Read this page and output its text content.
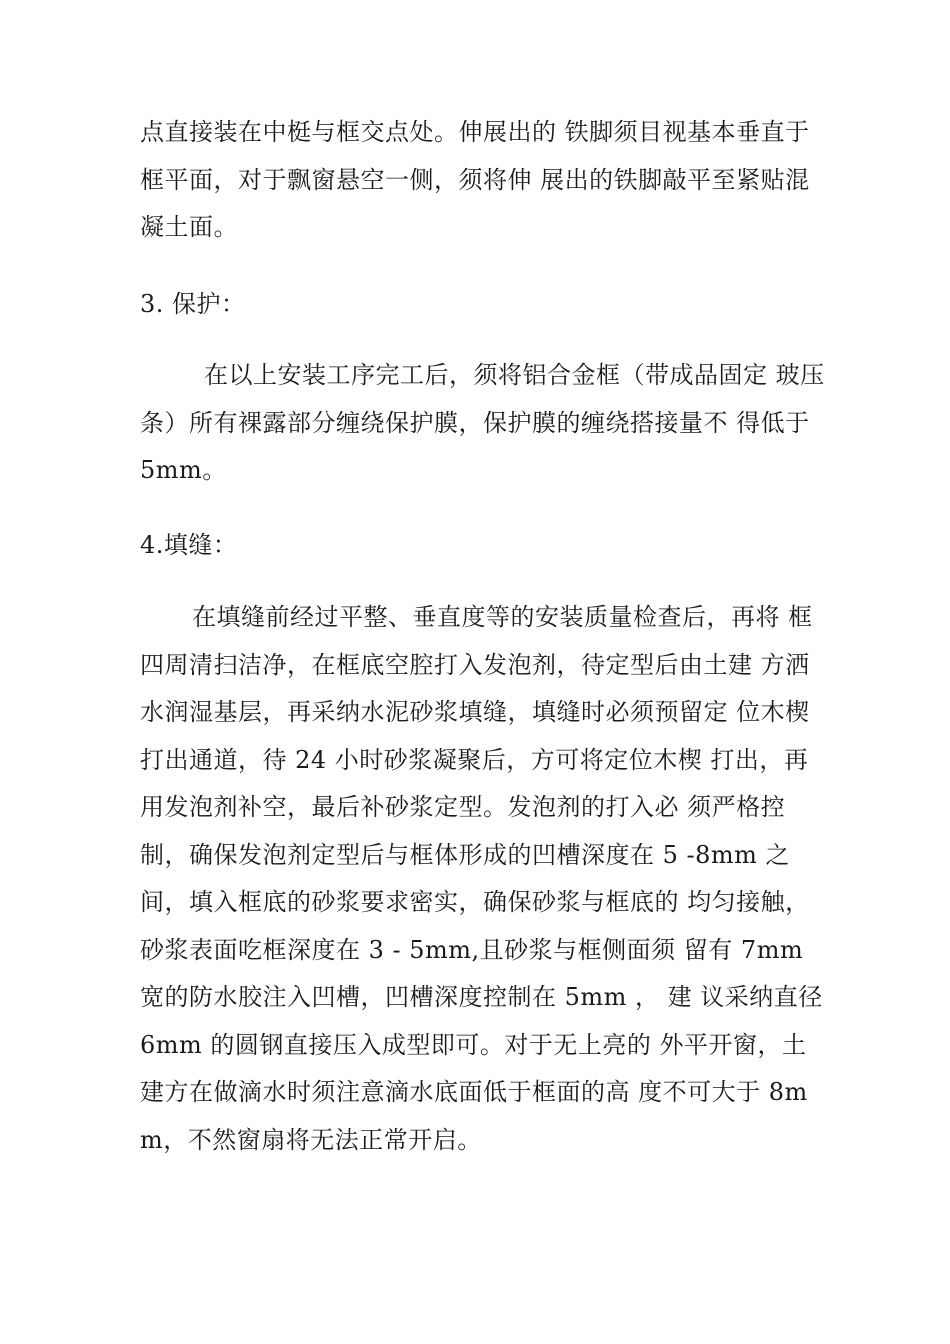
点直接装在中梃与框交点处。伸展出的 铁脚须目视基本垂直于框平面，对于飘窗悬空一侧，须将伸 展出的铁脚敲平至紧贴混凝土面。

3. 保护：

在以上安装工序完工后，须将铝合金框（带成品固定 玻压条）所有裸露部分缠绕保护膜，保护膜的缠绕搭接量不 得低于 5mm。

4.填缝：

在填缝前经过平整、垂直度等的安装质量检查后，再将 框四周清扫洁净，在框底空腔打入发泡剂，待定型后由土建 方洒水润湿基层，再采纳水泥砂浆填缝，填缝时必须预留定 位木楔打出通道，待 24 小时砂浆凝聚后，方可将定位木楔 打出，再用发泡剂补空，最后补砂浆定型。发泡剂的打入必 须严格控制，确保发泡剂定型后与框体形成的凹槽深度在 5 -8mm 之间，填入框底的砂浆要求密实，确保砂浆与框底的 均匀接触，砂浆表面吃框深度在 3 - 5mm,且砂浆与框侧面须 留有 7mm 宽的防水胶注入凹槽，凹槽深度控制在 5mm ， 建 议采纳直径 6mm 的圆钢直接压入成型即可。对于无上亮的 外平开窗，土建方在做滴水时须注意滴水底面低于框面的高 度不可大于 8mm，不然窗扇将无法正常开启。
